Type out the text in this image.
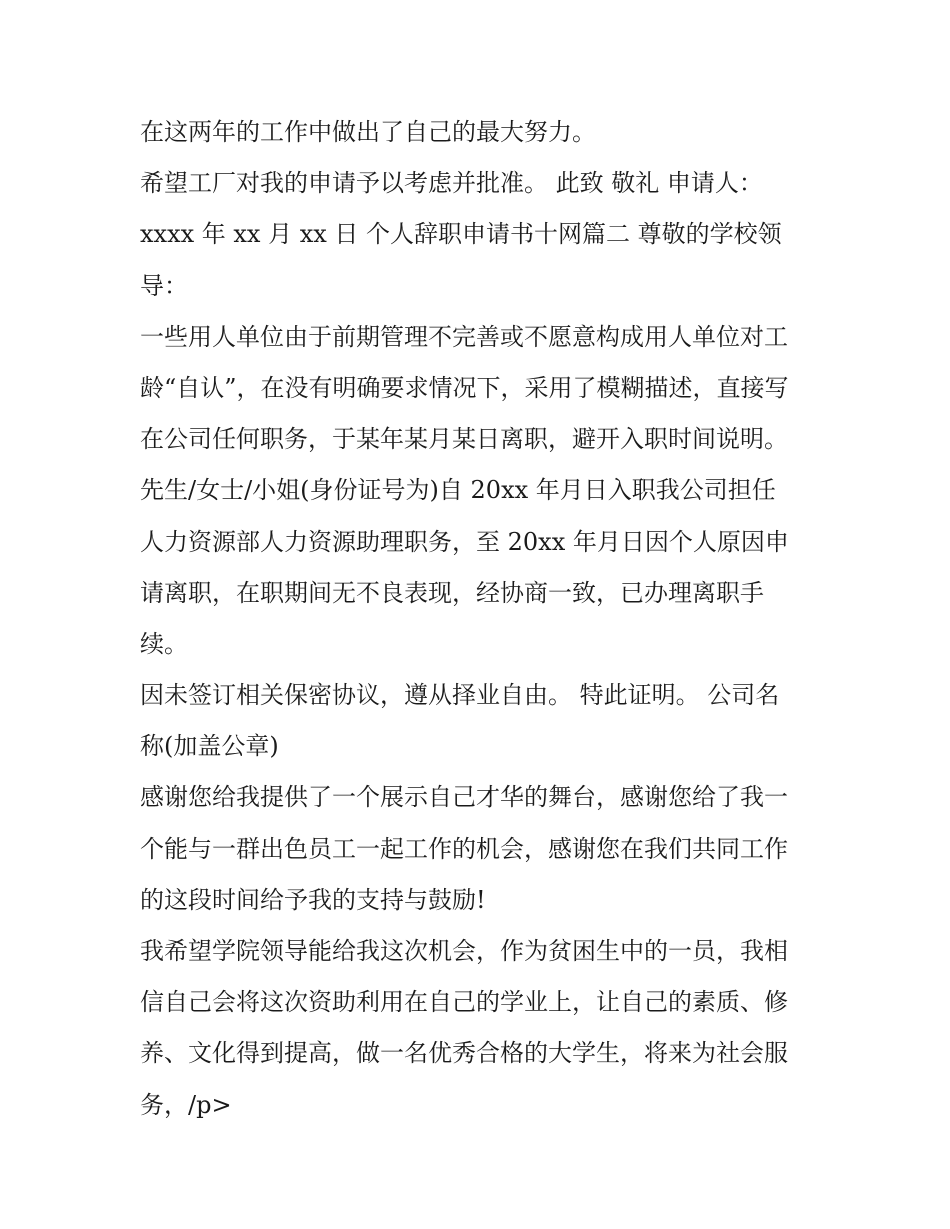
在这两年的工作中做出了自己的最大努力。
希望工厂对我的申请予以考虑并批准。 此致 敬礼 申请人：
xxxx 年 xx 月 xx 日 个人辞职申请书十网篇二 尊敬的学校领
导：
一些用人单位由于前期管理不完善或不愿意构成用人单位对工
龄“自认”，在没有明确要求情况下，采用了模糊描述，直接写
在公司任何职务，于某年某月某日离职，避开入职时间说明。
先生/女士/小姐(身份证号为)自 20xx 年月日入职我公司担任
人力资源部人力资源助理职务，至 20xx 年月日因个人原因申
请离职，在职期间无不良表现，经协商一致，已办理离职手
续。
因未签订相关保密协议，遵从择业自由。 特此证明。 公司名
称(加盖公章)
感谢您给我提供了一个展示自己才华的舞台，感谢您给了我一
个能与一群出色员工一起工作的机会，感谢您在我们共同工作
的这段时间给予我的支持与鼓励!
我希望学院领导能给我这次机会，作为贫困生中的一员，我相
信自己会将这次资助利用在自己的学业上，让自己的素质、修
养、文化得到提高，做一名优秀合格的大学生，将来为社会服
务，/p>
